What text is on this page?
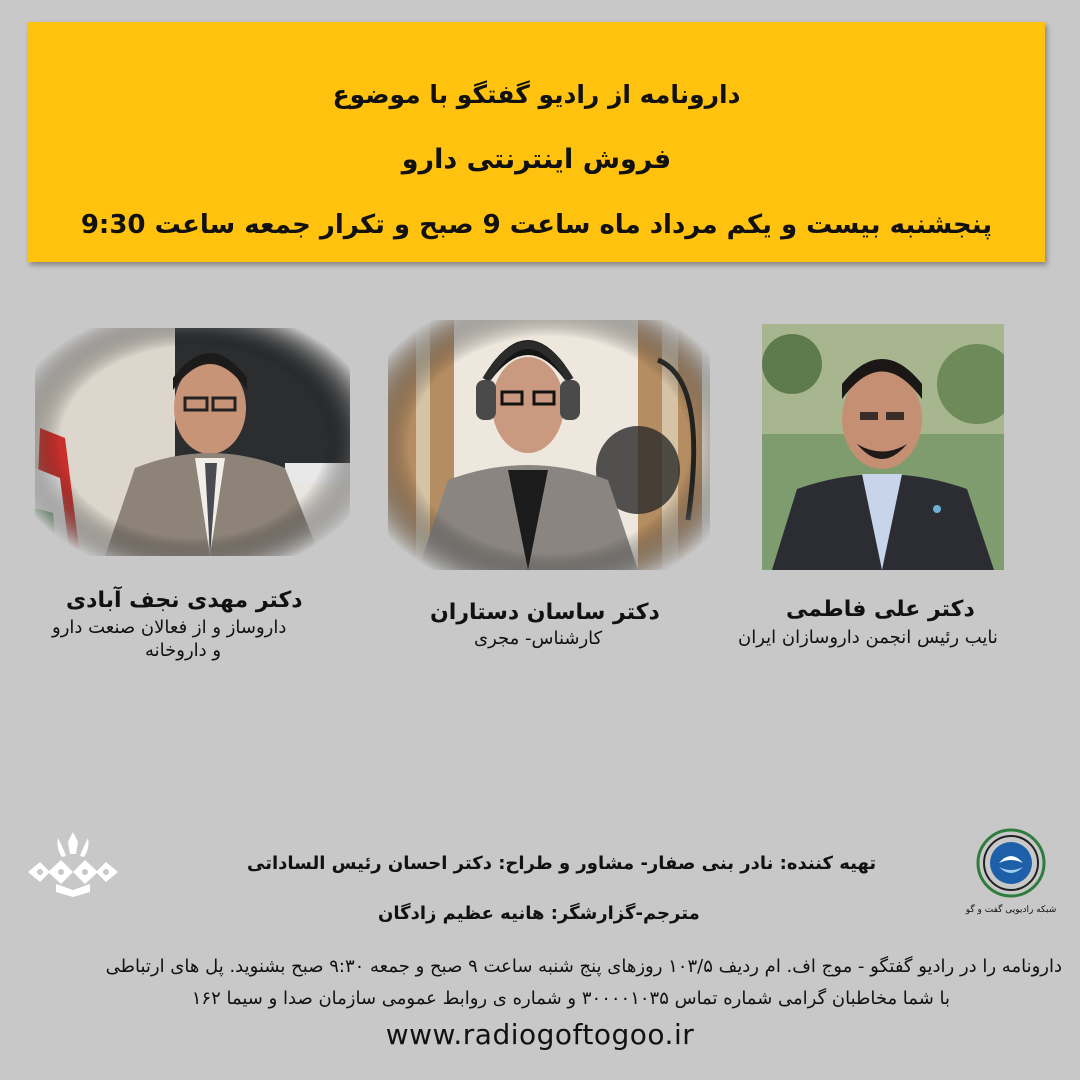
دارونامه از رادیو گفتگو با موضوع
فروش اینترنتی دارو
پنجشنبه بیست و یکم مرداد ماه ساعت 9 صبح و تکرار جمعه ساعت 9:30
دکتر مهدی نجف آبادی
داروساز و از فعالان صنعت دارو
و داروخانه
دکتر ساسان دستاران
کارشناس- مجری
دکتر علی فاطمی
نایب رئیس انجمن داروسازان ایران
شبکه رادیویی گفت و گو
تهیه کننده: نادر بنی صفار- مشاور و طراح: دکتر احسان رئیس الساداتی
مترجم-گزارشگر: هانیه عظیم زادگان
دارونامه را در رادیو گفتگو - موج اف. ام ردیف ۱۰۳/۵ روزهای پنج شنبه ساعت ۹ صبح و جمعه ۹:۳۰ صبح بشنوید. پل های ارتباطی
با شما مخاطبان گرامی شماره تماس ۳۰۰۰۰۱۰۳۵ و شماره ی روابط عمومی سازمان صدا و سیما ۱۶۲
www.radiogoftogoo.ir
